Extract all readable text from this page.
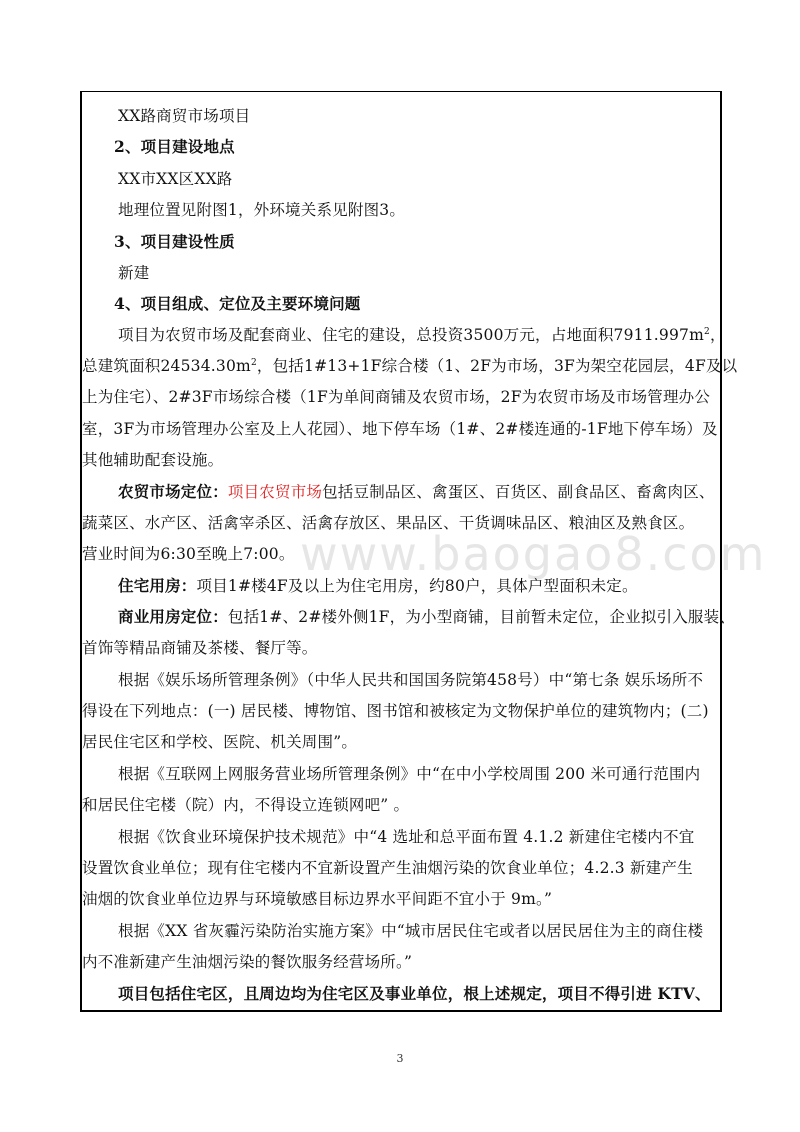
www.baogao8.com
XX路商贸市场项目
2、项目建设地点
XX市XX区XX路
地理位置见附图1，外环境关系见附图3。
3、项目建设性质
新建
4、项目组成、定位及主要环境问题
项目为农贸市场及配套商业、住宅的建设，总投资3500万元，占地面积$7911.997m^2$，
总建筑面积$24534.30m^2$，包括1#13+1F综合楼（1、2F为市场，3F为架空花园层，4F及以
上为住宅）、2#3F市场综合楼（1F为单间商铺及农贸市场，2F为农贸市场及市场管理办公
室，3F为市场管理办公室及上人花园）、地下停车场（1#、2#楼连通的-1F地下停车场）及
其他辅助配套设施。
农贸市场定位：项目农贸市场包括豆制品区、禽蛋区、百货区、副食品区、畜禽肉区、
蔬菜区、水产区、活禽宰杀区、活禽存放区、果品区、干货调味品区、粮油区及熟食区。
营业时间为6:30至晚上7:00。
住宅用房：项目1#楼4F及以上为住宅用房，约80户，具体户型面积未定。
商业用房定位：包括1#、2#楼外侧1F，为小型商铺，目前暂未定位，企业拟引入服装、
首饰等精品商铺及茶楼、餐厅等。
根据《娱乐场所管理条例》（中华人民共和国国务院第458号）中“第七条 娱乐场所不
得设在下列地点：(一) 居民楼、博物馆、图书馆和被核定为文物保护单位的建筑物内；(二)
居民住宅区和学校、医院、机关周围”。
根据《互联网上网服务营业场所管理条例》中“在中小学校周围 200 米可通行范围内
和居民住宅楼（院）内，不得设立连锁网吧” 。
根据《饮食业环境保护技术规范》中“4 选址和总平面布置 4.1.2 新建住宅楼内不宜
设置饮食业单位；现有住宅楼内不宜新设置产生油烟污染的饮食业单位；4.2.3 新建产生
油烟的饮食业单位边界与环境敏感目标边界水平间距不宜小于 9m。”
根据《XX 省灰霾污染防治实施方案》中“城市居民住宅或者以居民居住为主的商住楼
内不准新建产生油烟污染的餐饮服务经营场所。”
项目包括住宅区，且周边均为住宅区及事业单位，根上述规定，项目不得引进 KTV、
3
